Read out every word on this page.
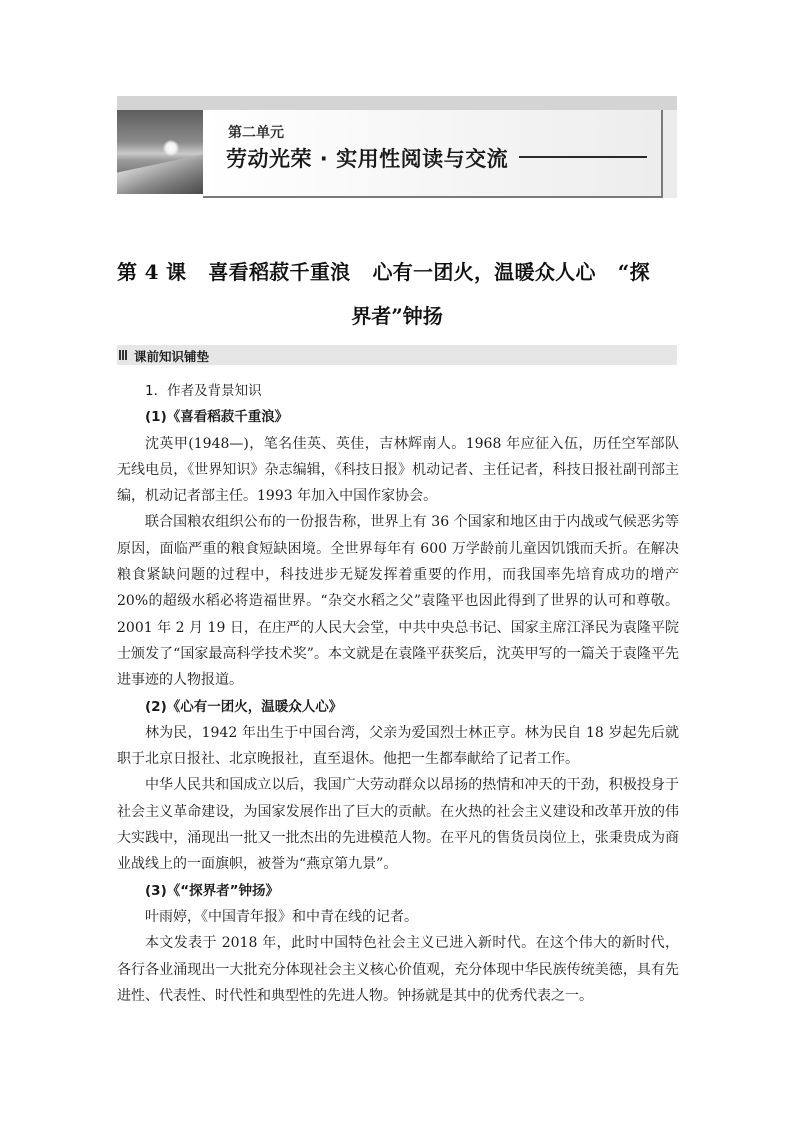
第二单元
劳动光荣 · 实用性阅读与交流
第 4 课 喜看稻菽千重浪 心有一团火，温暖众人心 “探
界者”钟扬
课前知识铺垫

1．作者及背景知识

(1)《喜看稻菽千重浪》

沈英甲(1948—)，笔名佳英、英佳，吉林辉南人。1968 年应征入伍，历任空军部队无线电员，《世界知识》杂志编辑，《科技日报》机动记者、主任记者，科技日报社副刊部主编，机动记者部主任。1993 年加入中国作家协会。

联合国粮农组织公布的一份报告称，世界上有 36 个国家和地区由于内战或气候恶劣等原因，面临严重的粮食短缺困境。全世界每年有 600 万学龄前儿童因饥饿而夭折。在解决粮食紧缺问题的过程中，科技进步无疑发挥着重要的作用，而我国率先培育成功的增产 20%的超级水稻必将造福世界。“杂交水稻之父”袁隆平也因此得到了世界的认可和尊敬。2001 年 2 月 19 日，在庄严的人民大会堂，中共中央总书记、国家主席江泽民为袁隆平院士颁发了“国家最高科学技术奖”。本文就是在袁隆平获奖后，沈英甲写的一篇关于袁隆平先进事迹的人物报道。

(2)《心有一团火，温暖众人心》

林为民，1942 年出生于中国台湾，父亲为爱国烈士林正亨。林为民自 18 岁起先后就职于北京日报社、北京晚报社，直至退休。他把一生都奉献给了记者工作。

中华人民共和国成立以后，我国广大劳动群众以昂扬的热情和冲天的干劲，积极投身于社会主义革命建设，为国家发展作出了巨大的贡献。在火热的社会主义建设和改革开放的伟大实践中，涌现出一批又一批杰出的先进模范人物。在平凡的售货员岗位上，张秉贵成为商业战线上的一面旗帜，被誉为“燕京第九景”。

(3)《“探界者”钟扬》

叶雨婷，《中国青年报》和中青在线的记者。

本文发表于 2018 年，此时中国特色社会主义已进入新时代。在这个伟大的新时代，各行各业涌现出一大批充分体现社会主义核心价值观，充分体现中华民族传统美德，具有先进性、代表性、时代性和典型性的先进人物。钟扬就是其中的优秀代表之一。
